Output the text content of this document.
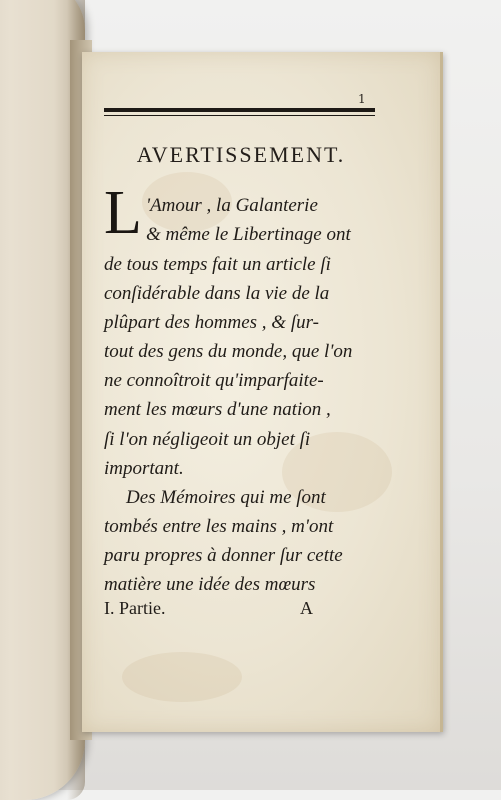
1
AVERTISSEMENT.
L 'Amour , la Galanterie
& même le Libertinage ont
de tous temps fait un article ſi
conſidérable dans la vie de la
plûpart des hommes , & ſur-
tout des gens du monde, que l'on
ne connoîtroit qu'imparfaite-
ment les mœurs d'une nation ,
ſi l'on négligeoit un objet ſi
important.
Des Mémoires qui me ſont
tombés entre les mains , m'ont
paru propres à donner ſur cette
matière une idée des mœurs
I. Partie.	A
